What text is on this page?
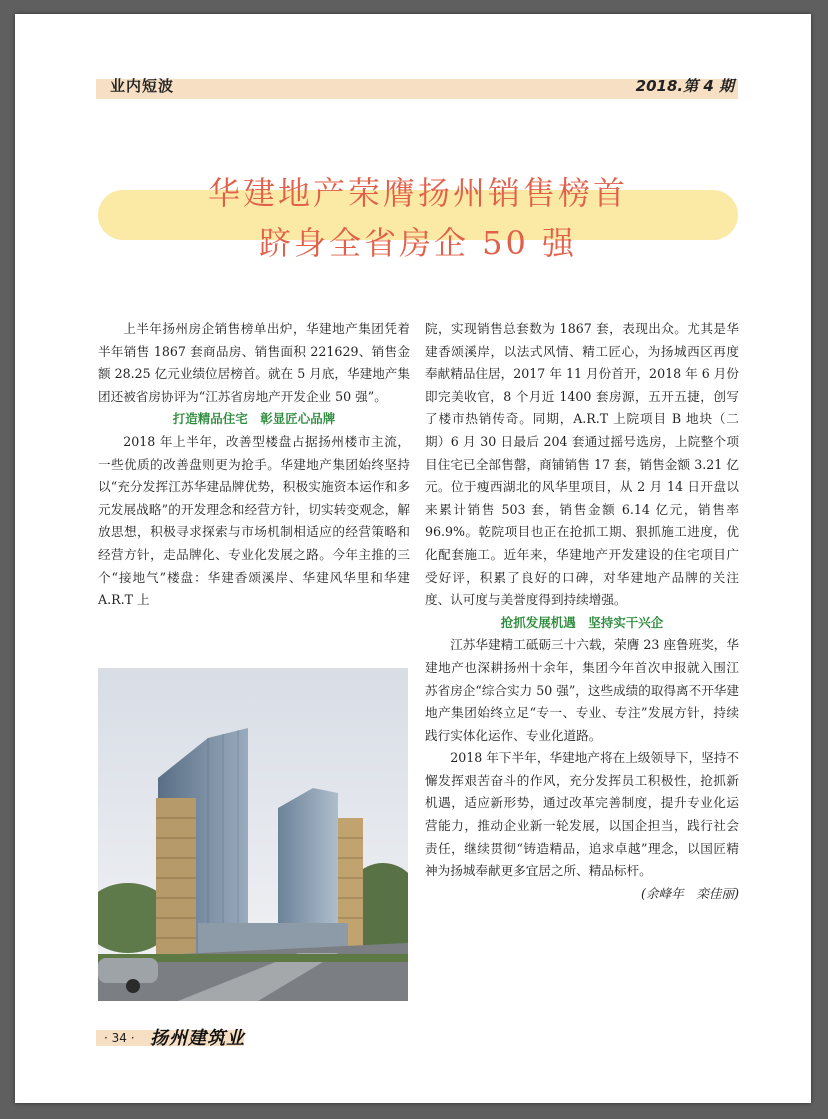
业内短波	2018.第 4 期
华建地产荣膺扬州销售榜首
跻身全省房企 50 强

上半年扬州房企销售榜单出炉，华建地产集团凭着半年销售 1867 套商品房、销售面积 221629、销售金额 28.25 亿元业绩位居榜首。就在 5 月底，华建地产集团还被省房协评为“江苏省房地产开发企业 50 强”。

打造精品住宅　彰显匠心品牌

2018 年上半年，改善型楼盘占据扬州楼市主流，一些优质的改善盘则更为抢手。华建地产集团始终坚持以“充分发挥江苏华建品牌优势，积极实施资本运作和多元发展战略”的开发理念和经营方针，切实转变观念，解放思想，积极寻求探索与市场机制相适应的经营策略和经营方针，走品牌化、专业化发展之路。今年主推的三个“接地气”楼盘：华建香颂溪岸、华建风华里和华建 A.R.T 上

院，实现销售总套数为 1867 套，表现出众。尤其是华建香颂溪岸，以法式风情、精工匠心，为扬城西区再度奉献精品住居，2017 年 11 月份首开，2018 年 6 月份即完美收官，8 个月近 1400 套房源，五开五捷，创写了楼市热销传奇。同期，A.R.T 上院项目 B 地块（二期）6 月 30 日最后 204 套通过摇号选房，上院整个项目住宅已全部售罄，商铺销售 17 套，销售金额 3.21 亿元。位于瘦西湖北的风华里项目，从 2 月 14 日开盘以来累计销售 503 套，销售金额 6.14 亿元，销售率 96.9%。乾院项目也正在抢抓工期、狠抓施工进度，优化配套施工。近年来，华建地产开发建设的住宅项目广受好评，积累了良好的口碑，对华建地产品牌的关注度、认可度与美誉度得到持续增强。

抢抓发展机遇　坚持实干兴企

江苏华建精工砥砺三十六载，荣膺 23 座鲁班奖，华建地产也深耕扬州十余年，集团今年首次申报就入围江苏省房企“综合实力 50 强”，这些成绩的取得离不开华建地产集团始终立足“专一、专业、专注”发展方针，持续践行实体化运作、专业化道路。

2018 年下半年，华建地产将在上级领导下，坚持不懈发挥艰苦奋斗的作风，充分发挥员工积极性，抢抓新机遇，适应新形势，通过改革完善制度，提升专业化运营能力，推动企业新一轮发展，以国企担当，践行社会责任，继续贯彻“铸造精品，追求卓越”理念，以国匠精神为扬城奉献更多宜居之所、精品标杆。

(余峰年　栾佳丽)

· 34 · 扬州建筑业
